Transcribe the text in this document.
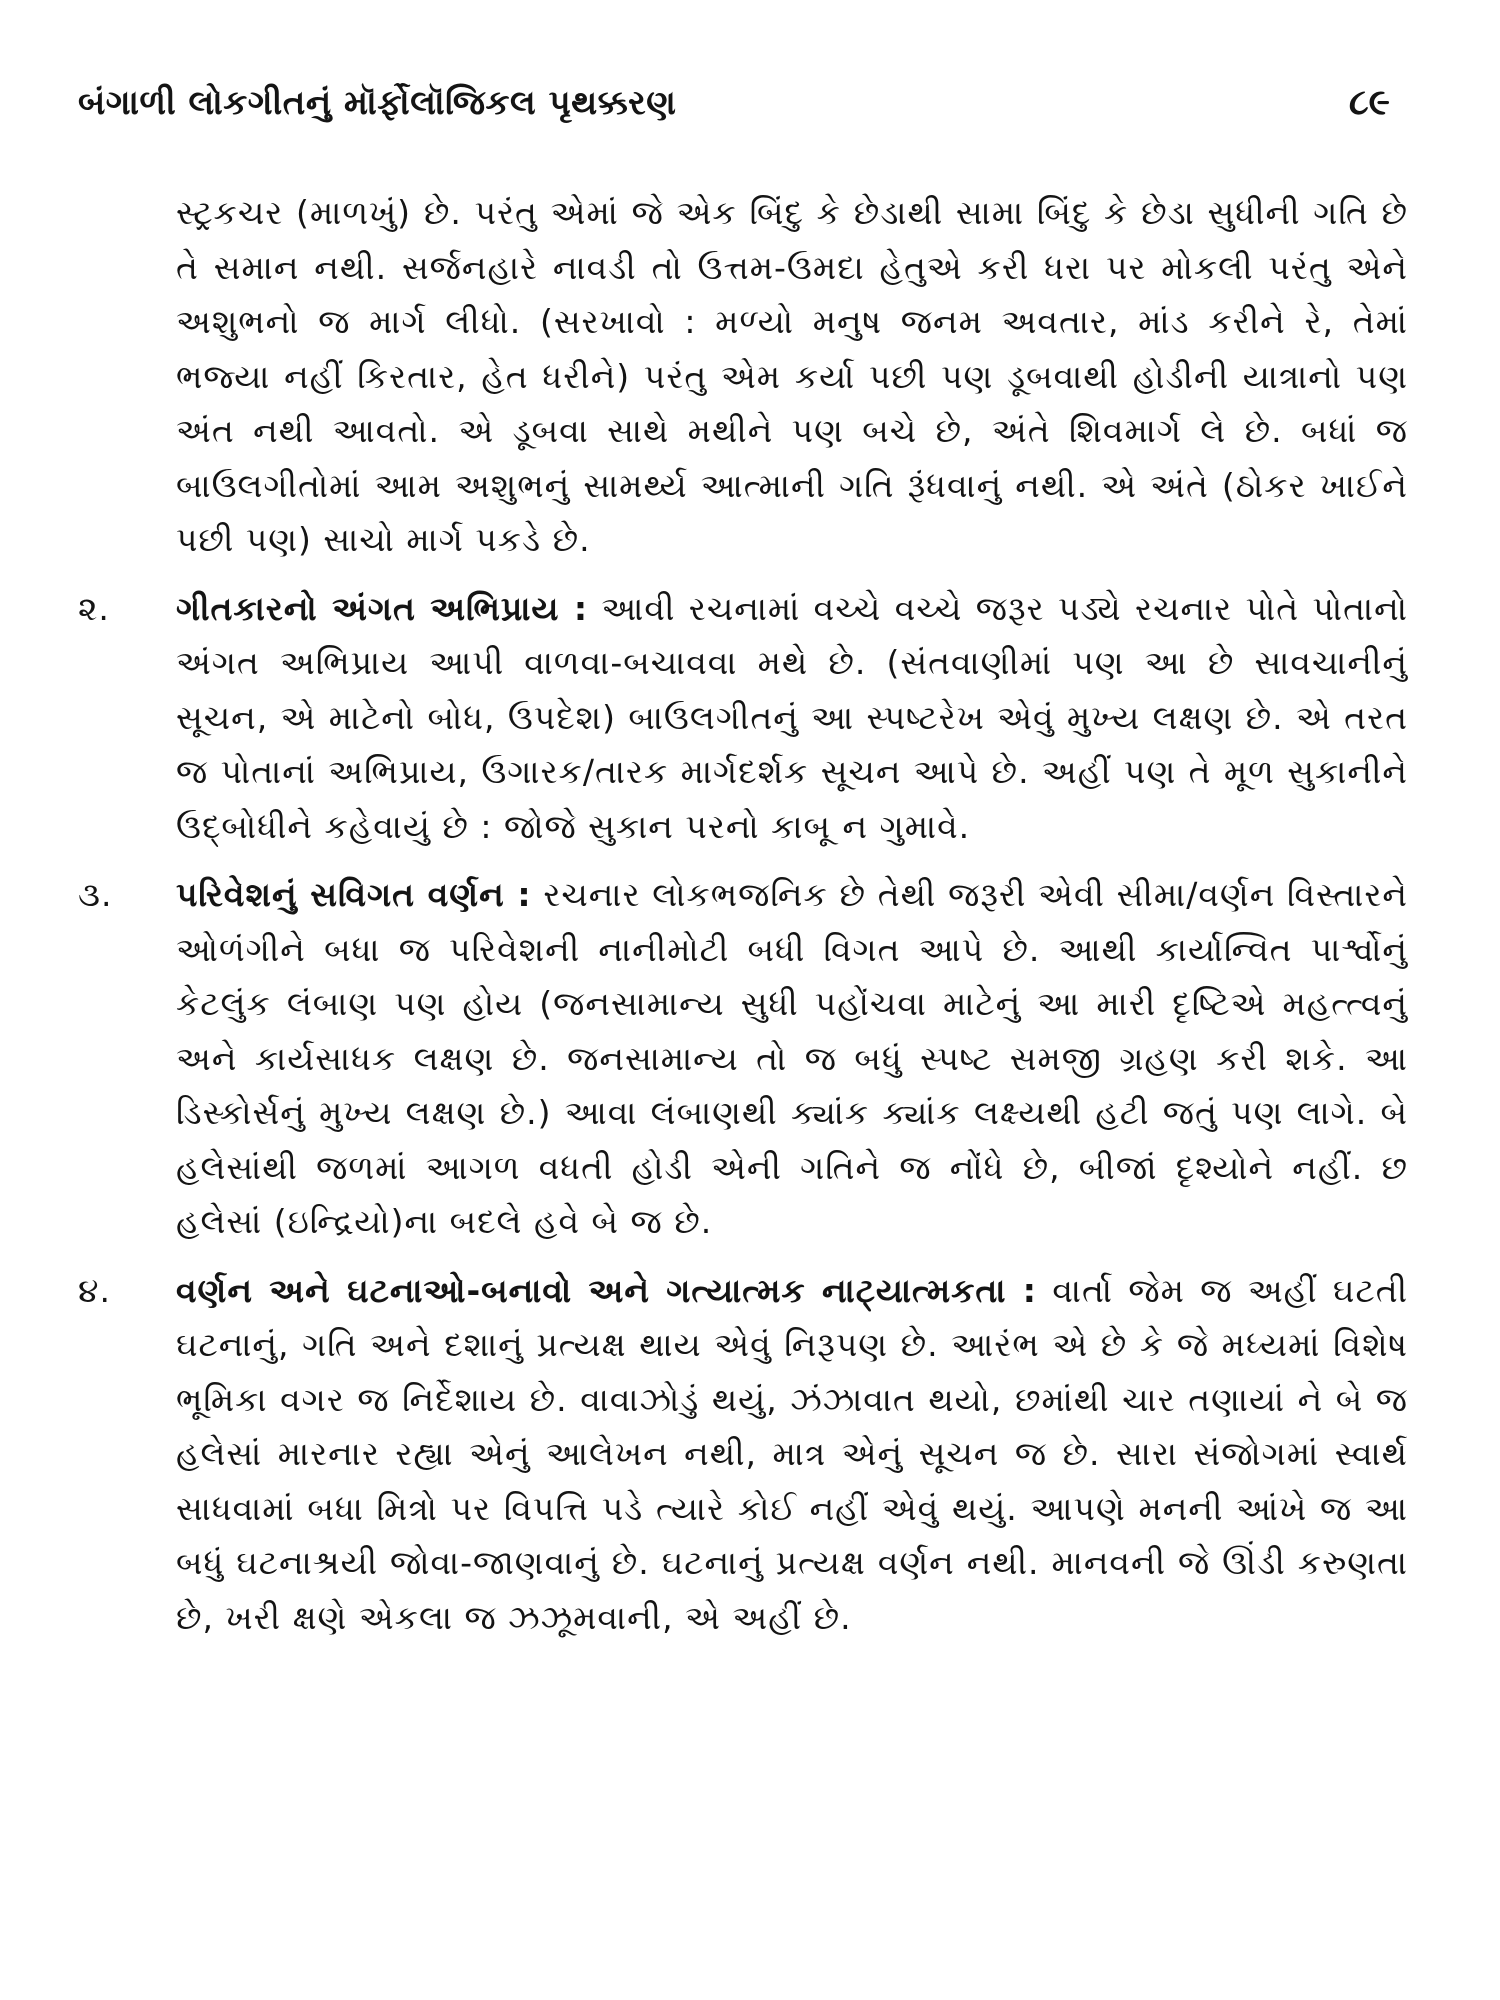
બંગાળી લોકગીતનું મૉર્ફોલૉજિકલ પૃથક્કરણ	૮૯

સ્ટ્રકચર (માળખું) છે. પરંતુ એમાં જે એક બિંદુ કે છેડાથી સામા બિંદુ કે છેડા સુધીની ગતિ છે તે સમાન નથી. સર્જનહારે નાવડી તો ઉત્તમ-ઉમદા હેતુએ કરી ધરા પર મોકલી પરંતુ એને અશુભનો જ માર્ગ લીધો. (સરખાવો : મળ્યો મનુષ જનમ અવતાર, માંડ કરીને રે, તેમાં ભજ્યા નહીં કિરતાર, હેત ધરીને) પરંતુ એમ કર્યા પછી પણ ડૂબવાથી હોડીની યાત્રાનો પણ અંત નથી આવતો. એ ડૂબવા સાથે મથીને પણ બચે છે, અંતે શિવમાર્ગ લે છે. બધાં જ બાઉલગીતોમાં આમ અશુભનું સામર્થ્ય આત્માની ગતિ રૂંધવાનું નથી. એ અંતે (ઠોકર ખાઈને પછી પણ) સાચો માર્ગ પકડે છે.

૨.	ગીતકારનો અંગત અભિપ્રાય : આવી રચનામાં વચ્ચે વચ્ચે જરૂર પડ્યે રચનાર પોતે પોતાનો અંગત અભિપ્રાય આપી વાળવા-બચાવવા મથે છે. (સંતવાણીમાં પણ આ છે સાવચાનીનું સૂચન, એ માટેનો બોધ, ઉપદેશ) બાઉલગીતનું આ સ્પષ્ટરેખ એવું મુખ્ય લક્ષણ છે. એ તરત જ પોતાનાં અભિપ્રાય, ઉગારક/તારક માર્ગદર્શક સૂચન આપે છે. અહીં પણ તે મૂળ સુકાનીને ઉદ્બોધીને કહેવાયું છે : જોજે સુકાન પરનો કાબૂ ન ગુમાવે.

૩.	પરિવેશનું સવિગત વર્ણન : રચનાર લોકભજનિક છે તેથી જરૂરી એવી સીમા/વર્ણન વિસ્તારને ઓળંગીને બધા જ પરિવેશની નાનીમોટી બધી વિગત આપે છે. આથી કાર્યાન્વિત પાર્શ્વોનું કેટલુંક લંબાણ પણ હોય (જનસામાન્ય સુધી પહોંચવા માટેનું આ મારી દૃષ્ટિએ મહત્ત્વનું અને કાર્યસાધક લક્ષણ છે. જનસામાન્ય તો જ બધું સ્પષ્ટ સમજી ગ્રહણ કરી શકે. આ ડિસ્કોર્સનું મુખ્ય લક્ષણ છે.) આવા લંબાણથી ક્યાંક ક્યાંક લક્ષ્યથી હટી જતું પણ લાગે. બે હલેસાંથી જળમાં આગળ વધતી હોડી એની ગતિને જ નોંધે છે, બીજાં દૃશ્યોને નહીં. છ હલેસાં (ઇન્દ્રિયો)ના બદલે હવે બે જ છે.

૪.	વર્ણન અને ઘટનાઓ-બનાવો અને ગત્યાત્મક નાટ્યાત્મકતા : વાર્તા જેમ જ અહીં ઘટતી ઘટનાનું, ગતિ અને દશાનું પ્રત્યક્ષ થાય એવું નિરૂપણ છે. આરંભ એ છે કે જે મધ્યમાં વિશેષ ભૂમિકા વગર જ નિર્દેશાય છે. વાવાઝોડું થયું, ઝંઝાવાત થયો, છમાંથી ચાર તણાયાં ને બે જ હલેસાં મારનાર રહ્યા એનું આલેખન નથી, માત્ર એનું સૂચન જ છે. સારા સંજોગમાં સ્વાર્થ સાધવામાં બધા મિત્રો પર વિપત્તિ પડે ત્યારે કોઈ નહીં એવું થયું. આપણે મનની આંખે જ આ બધું ઘટનાશ્રયી જોવા-જાણવાનું છે. ઘટનાનું પ્રત્યક્ષ વર્ણન નથી. માનવની જે ઊંડી કરુણતા છે, ખરી ક્ષણે એકલા જ ઝઝૂમવાની, એ અહીં છે.
